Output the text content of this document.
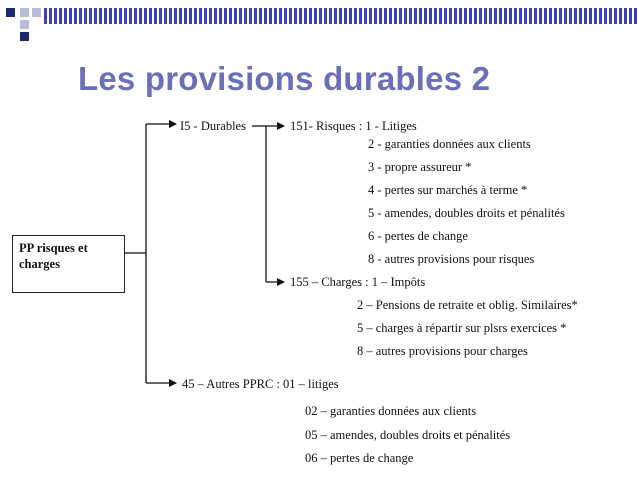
Les provisions durables 2
PP risques et
charges
I5 - Durables	151- Risques : 1 - Litiges
2 - garanties données aux clients
3 - propre assureur *
4 - pertes sur marchés à terme *
5 - amendes, doubles droits et pénalités
6 - pertes de change
8 - autres provisions pour risques
155 – Charges : 1 – Impôts
2 – Pensions de retraite et oblig. Similaires*
5 – charges à répartir sur plsrs exercices *
8 – autres provisions pour charges
45 – Autres PPRC : 01 – litiges
02 – garanties données aux clients
05 – amendes, doubles droits et pénalités
06 – pertes de change
